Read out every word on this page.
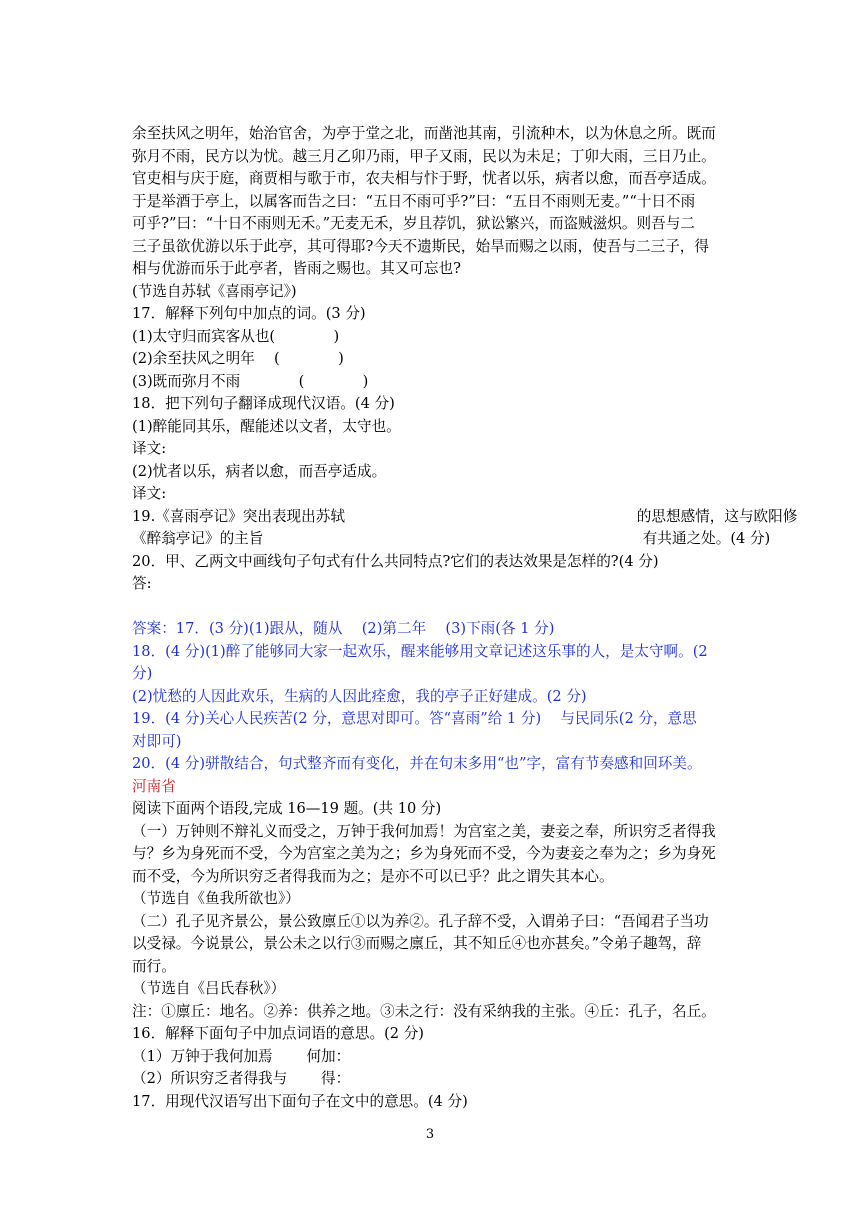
余至扶风之明年，始治官舍，为亭于堂之北，而凿池其南，引流种木，以为休息之所。既而
弥月不雨，民方以为忧。越三月乙卯乃雨，甲子又雨，民以为未足；丁卯大雨，三日乃止。
官吏相与庆于庭，商贾相与歌于市，农夫相与忭于野，忧者以乐，病者以愈，而吾亭适成。
于是举酒于亭上，以属客而告之曰：“五日不雨可乎?”曰：“五日不雨则无麦。”“十日不雨
可乎?”曰：“十日不雨则无禾。”无麦无禾，岁且荐饥，狱讼繁兴，而盗贼滋炽。则吾与二
三子虽欲优游以乐于此亭，其可得耶?今天不遗斯民，始旱而赐之以雨，使吾与二三子，得
相与优游而乐于此亭者，皆雨之赐也。其又可忘也?
(节选自苏轼《喜雨亭记》)
17．解释下列句中加点的词。(3 分)
(1)太守归而宾客从也(　　　　)
(2)余至扶风之明年　 (　　　　)
(3)既而弥月不雨　　　　(　　　　)
18．把下列句子翻译成现代汉语。(4 分)
(1)醉能同其乐，醒能述以文者，太守也。
译文:
(2)忧者以乐，病者以愈，而吾亭适成。
译文:
19.《喜雨亭记》突出表现出苏轼　　　　　　　　　　　　　　　　　　　　的思想感情，这与欧阳修
《醉翁亭记》的主旨　　　　　　　　　　　　　　　　　　　　　　　　　　有共通之处。(4 分)
20．甲、乙两文中画线句子句式有什么共同特点?它们的表达效果是怎样的?(4 分)
答:
答案：17．(3 分)(1)跟从，随从　 (2)第二年　 (3)下雨(各 1 分)
18．(4 分)(1)醉了能够同大家一起欢乐，醒来能够用文章记述这乐事的人，是太守啊。(2
分)
(2)忧愁的人因此欢乐，生病的人因此痊愈，我的亭子正好建成。(2 分)
19．(4 分)关心人民疾苦(2 分，意思对即可。答“喜雨”给 1 分)　 与民同乐(2 分，意思
对即可)
20．(4 分)骈散结合，句式整齐而有变化，并在句末多用“也”字，富有节奏感和回环美。
河南省
阅读下面两个语段,完成 16—19 题。(共 10 分)
（一）万钟则不辩礼义而受之，万钟于我何加焉！为宫室之美，妻妾之奉，所识穷乏者得我
与？乡为身死而不受，今为宫室之美为之；乡为身死而不受，今为妻妾之奉为之；乡为身死
而不受，今为所识穷乏者得我而为之；是亦不可以已乎？此之谓失其本心。
（节选自《鱼我所欲也》）
（二）孔子见齐景公，景公致廪丘①以为养②。孔子辞不受，入谓弟子曰：“吾闻君子当功
以受禄。今说景公，景公未之以行③而赐之廪丘，其不知丘④也亦甚矣。”令弟子趣驾，辞
而行。
（节选自《吕氏春秋》）
注：①廪丘：地名。②养：供养之地。③未之行：没有采纳我的主张。④丘：孔子，名丘。
16．解释下面句子中加点词语的意思。(2 分)
（1）万钟于我何加焉　　 何加：
（2）所识穷乏者得我与　　 得：
17．用现代汉语写出下面句子在文中的意思。(4 分)
3
